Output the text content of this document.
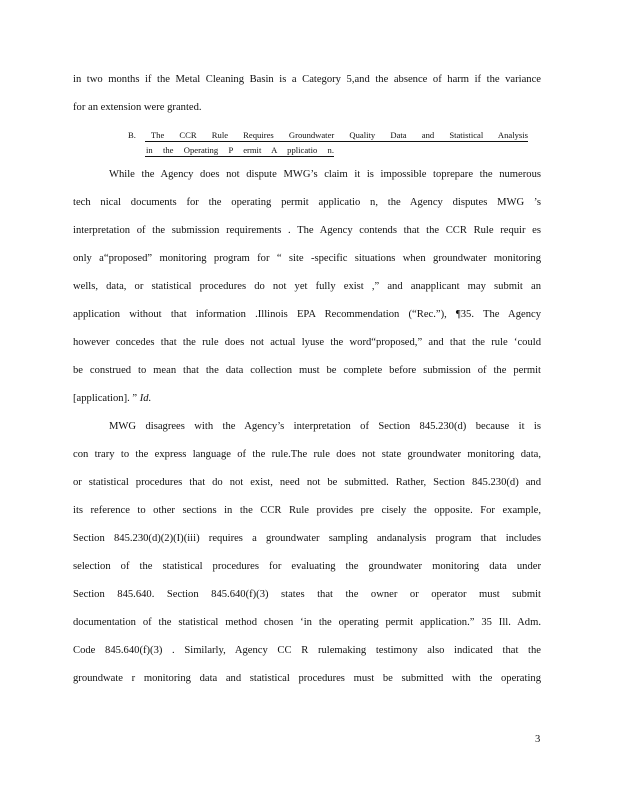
in two months if the Metal Cleaning Basin is a Category 5,and the absence of harm if the variance
for an extension were granted.
B. The CCR Rule Requires Groundwater Quality Data and Statistical Analysis
in the Operating P ermit A pplicatio n.
While the Agency does not dispute MWG’s claim it is impossible toprepare the numerous
tech nical documents for the operating permit applicatio n, the Agency disputes MWG ’s
interpretation of the submission requirements . The Agency contends that the CCR Rule requir es
only a“proposed” monitoring program for “ site -specific situations when groundwater monitoring
wells, data, or statistical procedures do not yet fully exist ,” and anapplicant may submit an
application without that information .Illinois EPA Recommendation (“Rec.”), ¶35. The Agency
however concedes that the rule does not actual lyuse the word“proposed,” and that the rule ‘could
be construed to mean that the data collection must be complete before submission of the permit
[application]. ” Id.
MWG disagrees with the Agency’s interpretation of Section 845.230(d) because it is
con trary to the express language of the rule.The rule does not state groundwater monitoring data,
or statistical procedures that do not exist, need not be submitted. Rather, Section 845.230(d) and
its reference to other sections in the CCR Rule provides pre cisely the opposite. For example,
Section 845.230(d)(2)(I)(iii) requires a groundwater sampling andanalysis program that includes
selection of the statistical procedures for evaluating the groundwater monitoring data under
Section 845.640. Section 845.640(f)(3) states that the owner or operator must submit
documentation of the statistical method chosen ‘in the operating permit application.” 35 Ill. Adm.
Code 845.640(f)(3) . Similarly, Agency CC R rulemaking testimony also indicated that the
groundwate r monitoring data and statistical procedures must be submitted with the operating
3
